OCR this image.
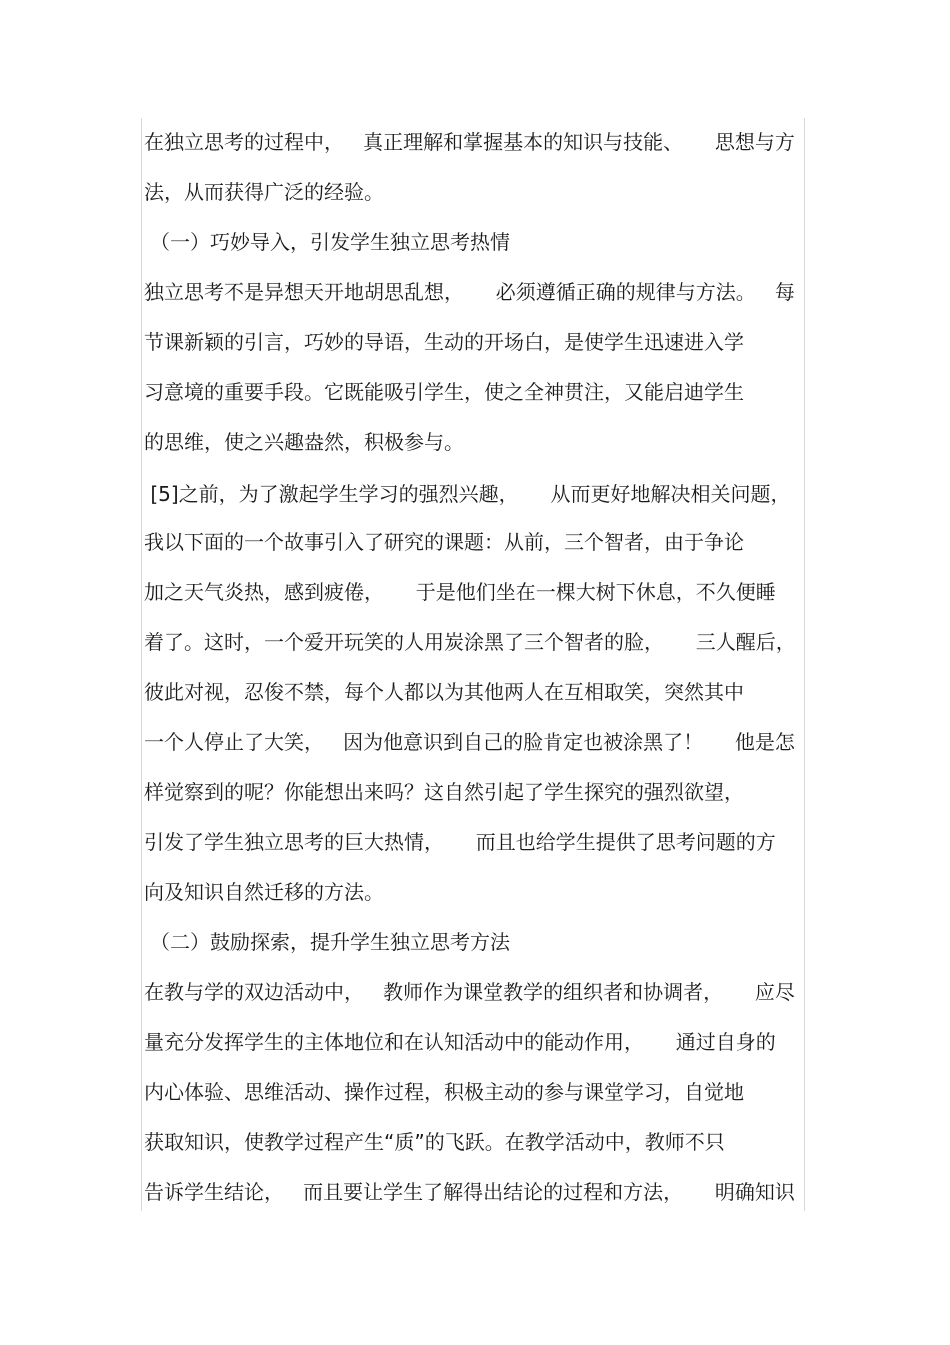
在独立思考的过程中，   真正理解和掌握基本的知识与技能、     思想与方
法，从而获得广泛的经验。
（一）巧妙导入，引发学生独立思考热情
独立思考不是异想天开地胡思乱想，     必须遵循正确的规律与方法。   每
节课新颖的引言，巧妙的导语，生动的开场白，是使学生迅速进入学
习意境的重要手段。它既能吸引学生，使之全神贯注，又能启迪学生
的思维，使之兴趣盎然，积极参与。
[5]之前，为了激起学生学习的强烈兴趣，     从而更好地解决相关问题，
我以下面的一个故事引入了研究的课题：从前，三个智者，由于争论
加之天气炎热，感到疲倦，     于是他们坐在一棵大树下休息，不久便睡
着了。这时，一个爱开玩笑的人用炭涂黑了三个智者的脸，     三人醒后，
彼此对视，忍俊不禁，每个人都以为其他两人在互相取笑，突然其中
一个人停止了大笑，   因为他意识到自己的脸肯定也被涂黑了！     他是怎
样觉察到的呢？你能想出来吗？这自然引起了学生探究的强烈欲望，
引发了学生独立思考的巨大热情，     而且也给学生提供了思考问题的方
向及知识自然迁移的方法。
（二）鼓励探索，提升学生独立思考方法
在教与学的双边活动中，   教师作为课堂教学的组织者和协调者，     应尽
量充分发挥学生的主体地位和在认知活动中的能动作用，     通过自身的
内心体验、思维活动、操作过程，积极主动的参与课堂学习，自觉地
获取知识，使教学过程产生“质”的飞跃。在教学活动中，教师不只
告诉学生结论，   而且要让学生了解得出结论的过程和方法，     明确知识
